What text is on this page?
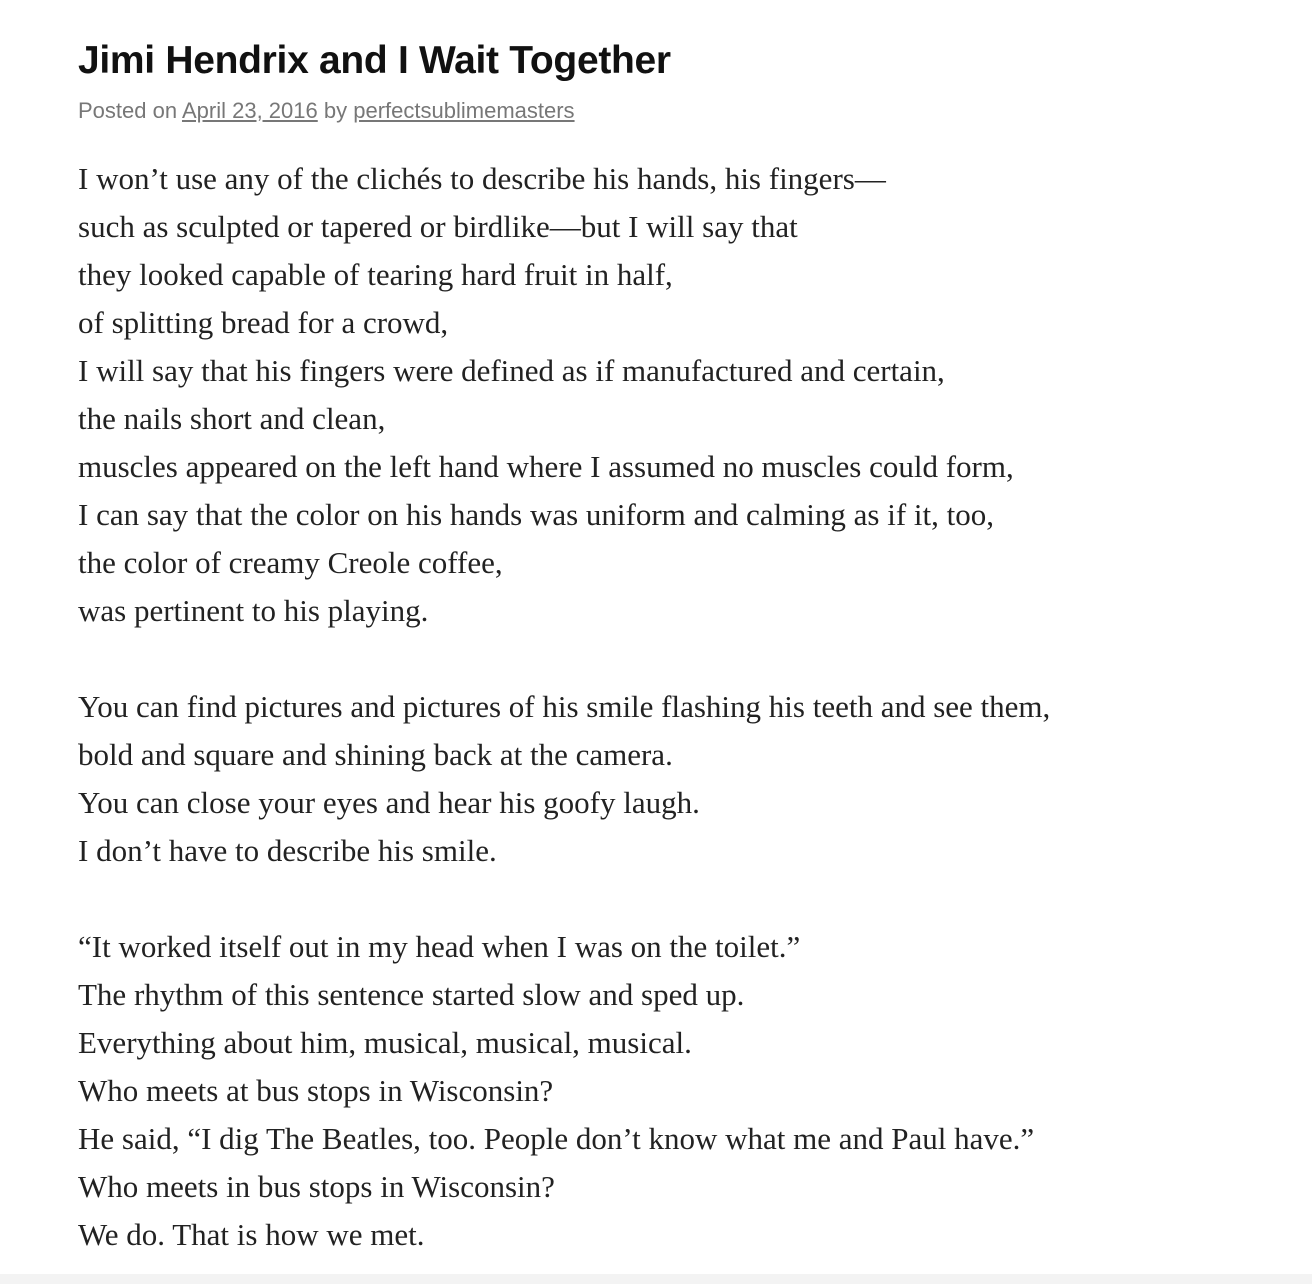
Jimi Hendrix and I Wait Together
Posted on April 23, 2016 by perfectsublimemasters
I won’t use any of the clichés to describe his hands, his fingers—
such as sculpted or tapered or birdlike—but I will say that
they looked capable of tearing hard fruit in half,
of splitting bread for a crowd,
I will say that his fingers were defined as if manufactured and certain,
the nails short and clean,
muscles appeared on the left hand where I assumed no muscles could form,
I can say that the color on his hands was uniform and calming as if it, too,
the color of creamy Creole coffee,
was pertinent to his playing.
You can find pictures and pictures of his smile flashing his teeth and see them,
bold and square and shining back at the camera.
You can close your eyes and hear his goofy laugh.
I don’t have to describe his smile.
“It worked itself out in my head when I was on the toilet.”
The rhythm of this sentence started slow and sped up.
Everything about him, musical, musical, musical.
Who meets at bus stops in Wisconsin?
He said, “I dig The Beatles, too. People don’t know what me and Paul have.”
Who meets in bus stops in Wisconsin?
We do. That is how we met.
